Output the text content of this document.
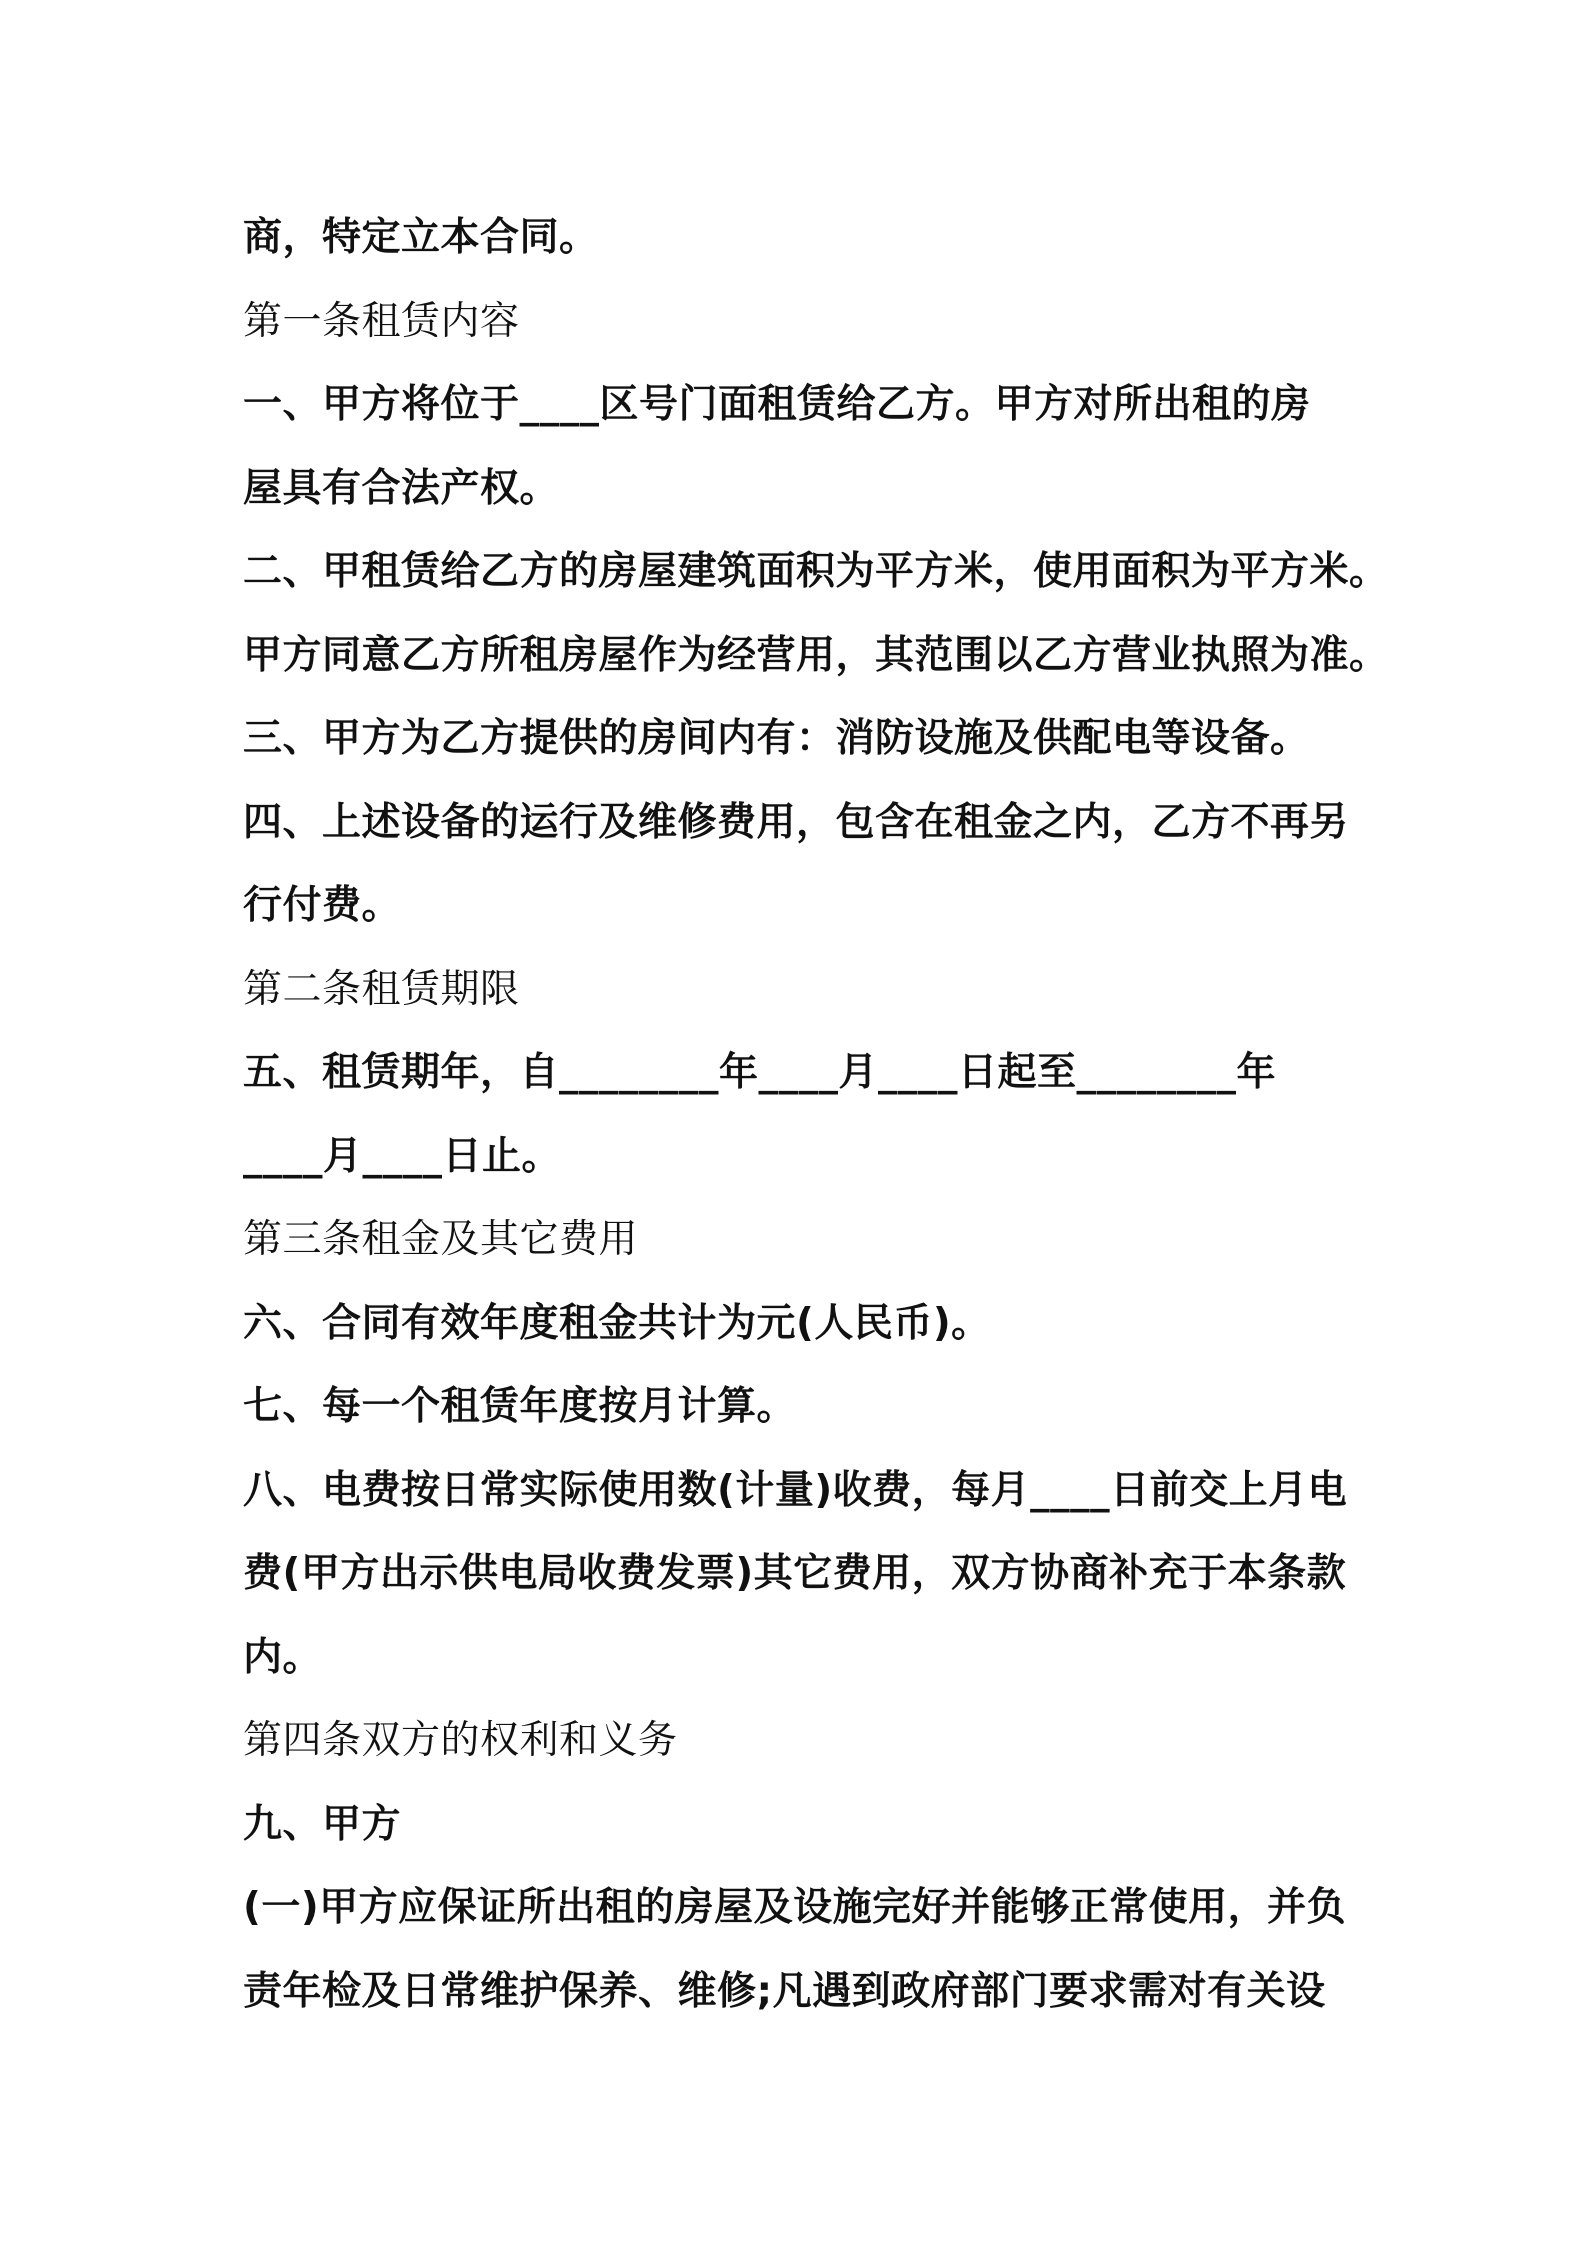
商，特定立本合同。
第一条租赁内容
一、甲方将位于____区号门面租赁给乙方。甲方对所出租的房
屋具有合法产权。
二、甲租赁给乙方的房屋建筑面积为平方米，使用面积为平方米。
甲方同意乙方所租房屋作为经营用，其范围以乙方营业执照为准。
三、甲方为乙方提供的房间内有：消防设施及供配电等设备。
四、上述设备的运行及维修费用，包含在租金之内，乙方不再另
行付费。
第二条租赁期限
五、租赁期年，自________年____月____日起至________年
____月____日止。
第三条租金及其它费用
六、合同有效年度租金共计为元(人民币)。
七、每一个租赁年度按月计算。
八、电费按日常实际使用数(计量)收费，每月____日前交上月电
费(甲方出示供电局收费发票)其它费用，双方协商补充于本条款
内。
第四条双方的权利和义务
九、甲方
(一)甲方应保证所出租的房屋及设施完好并能够正常使用，并负
责年检及日常维护保养、维修;凡遇到政府部门要求需对有关设
